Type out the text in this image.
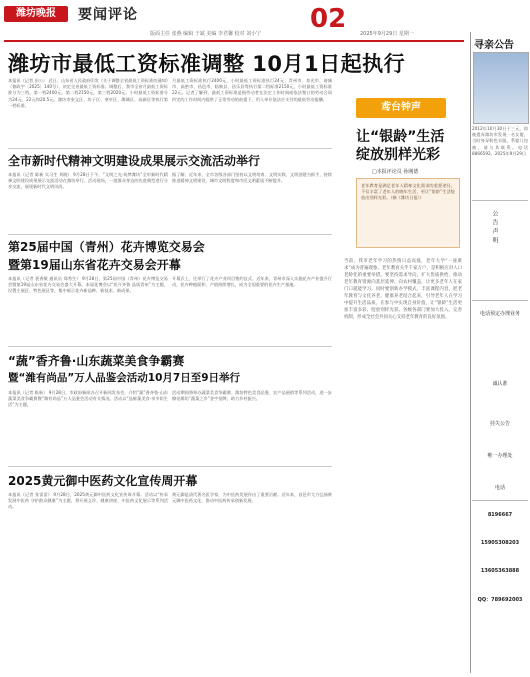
潍坊晚报	要闻评论	02
版面主任 张燕 编辑 于斌 美编 李君馨 校对 刘小宁	2025年9月29日 星期一
潍坊市最低工资标准调整 10月1日起执行
本报讯（记者 田公） 近日，山东省人民政府印发《关于调整全省最低工资标准的通知》（鲁政字〔2025〕140号），决定全省最低工资标准。调整后，我市全省月最低工资标准分为三档。第一档2400元，第二档2150元，第三档2020元。小时最低工资标准分为24元、22元和20.5元。潍坊市奎文区、坊子区、寒亭区、潍城区、高新区等执行第一档标准。
月最低工资标准执行2400元，小时最低工资标准执行24元；青州市、寿光市、诸城市、高密市、昌邑市、临朐县、昌乐县等执行第二档标准2150元，小时最低工资标准22元。记者了解到，最低工资标准是指劳动者在法定工作时间或依法签订的劳动合同约定的工作时间内提供了正常劳动的前提下，用人单位依法应支付的最低劳动报酬。
全市新时代精神文明建设成果展示交流活动举行
本报讯（记者 陈新 实习生 刘晓） 9月28日下午，“文明之光·筑梦潍坊”全市新时代精神文明建设成果展示交流活动在潍坊举行。活动现场，一批群众身边的先进典型进行分享交流，展现新时代文明风尚。
据了解，近年来，全市各级各部门坚持以文明培育、文明实践、文明创建为抓手，持续推进精神文明建设，城市文明程度和市民文明素质不断提升。
第25届中国（青州）花卉博览交易会
暨第19届山东省花卉交易会开幕
本报讯（记者 裴香敏 通讯员 郑秀生） 9月28日，第25届中国（青州）花卉博览交易会暨第19届山东省花卉交易会盛大开幕。本届花博会以“花开齐鲁 品质青州”为主题，设置主展区、特色展区等，集中展示花卉新品种、新技术、新成果。
开幕式上，还举行了花卉产业项目签约仪式。近年来，青州市深入实施花卉产业提升行动，花卉种植面积、产值持续增长，成为全国重要的花卉生产基地。
“蔬”香齐鲁·山东蔬菜美食争霸赛
暨“潍有尚品”万人品鉴会活动10月7日至9日举行
本报讯（记者 陈新） 9月28日，市政府新闻办召开新闻发布会，介绍“蔬”香齐鲁·山东蔬菜美食争霸赛暨“潍有尚品”万人品鉴会活动有关情况。活动以“品鲜蔬美食·享多彩生活”为主题。
活动期间将举办蔬菜美食争霸赛、潍坊特色美食品鉴、农产品展销等系列活动，进一步擦亮潍坊“蔬菜之乡”金字招牌，助力乡村振兴。
2025黄元御中医药文化宣传周开幕
本报讯（记者 张雷雷） 9月28日，2025黄元御中医药文化宣传周开幕。活动以“传承发展中医药 守护群众健康”为主题，将开展义诊、健康讲座、中医药文化展示等系列活动。
黄元御是清代著名医学家，为中医药发展作出了重要贡献。近年来，昌邑市大力弘扬黄元御中医药文化，推动中医药传承创新发展。
鸢台钟声
让“银龄”生活
绽放别样光彩
□本报评论员 孙刚德
老年教育是满足老年人精神文化需求的重要途径。不仅丰富了老年人的晚年生活，更让“银龄”生活绽放出别样光彩。（摘《潍坊日报》）
当前，我市老年学习的热情日益高涨，老年大学“一座难求”成为普遍现象。老年教育关乎千家万户，是积极应对人口老龄化的重要举措。要坚持需求导向，扩大优质供给，推动老年教育资源向基层延伸、向农村覆盖，让更多老年人在家门口就能学习。同时要创新办学模式，丰富课程内容，把老年教育与文化养老、健康养老结合起来，引导老年人在学习中提升生活品质，在参与中实现自身价值，让“银龄”生活更加丰富多彩、绽放别样光彩。各级各部门要加大投入、完善机制，形成全社会共同关心支持老年教育的良好氛围。
寻亲公告
2012年10月30日于三元，即被遗弃潍坊市发现一名女婴，当时身穿粉色衣服，系婴儿包被，请与其联系。电话8866592。2025年9月29日
公告声明
电话预定办理业务
诚认准
挂失公告
唯一办理处
电话
8196667
15905308203
13605363888
QQ：789692003
